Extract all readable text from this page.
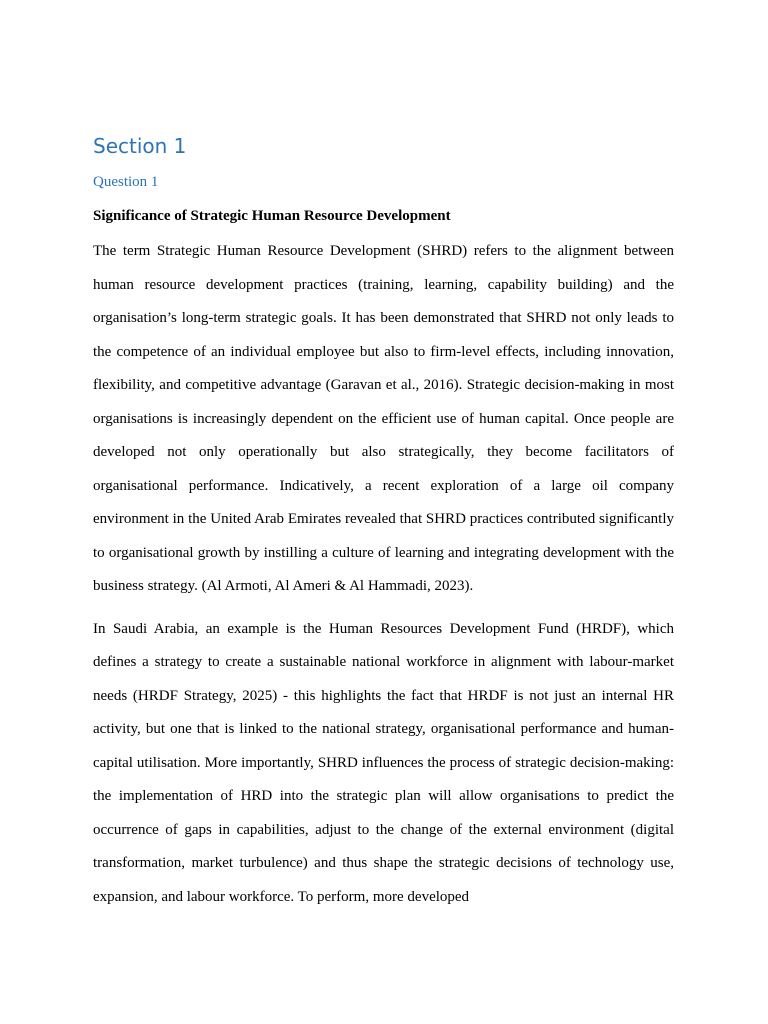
Section 1
Question 1

Significance of Strategic Human Resource Development

The term Strategic Human Resource Development (SHRD) refers to the alignment between human resource development practices (training, learning, capability building) and the organisation’s long-term strategic goals. It has been demonstrated that SHRD not only leads to the competence of an individual employee but also to firm-level effects, including innovation, flexibility, and competitive advantage (Garavan et al., 2016). Strategic decision-making in most organisations is increasingly dependent on the efficient use of human capital. Once people are developed not only operationally but also strategically, they become facilitators of organisational performance. Indicatively, a recent exploration of a large oil company environment in the United Arab Emirates revealed that SHRD practices contributed significantly to organisational growth by instilling a culture of learning and integrating development with the business strategy. (Al Armoti, Al Ameri & Al Hammadi, 2023).

In Saudi Arabia, an example is the Human Resources Development Fund (HRDF), which defines a strategy to create a sustainable national workforce in alignment with labour-market needs (HRDF Strategy, 2025) - this highlights the fact that HRDF is not just an internal HR activity, but one that is linked to the national strategy, organisational performance and human-capital utilisation. More importantly, SHRD influences the process of strategic decision-making: the implementation of HRD into the strategic plan will allow organisations to predict the occurrence of gaps in capabilities, adjust to the change of the external environment (digital transformation, market turbulence) and thus shape the strategic decisions of technology use, expansion, and labour workforce. To perform, more developed
